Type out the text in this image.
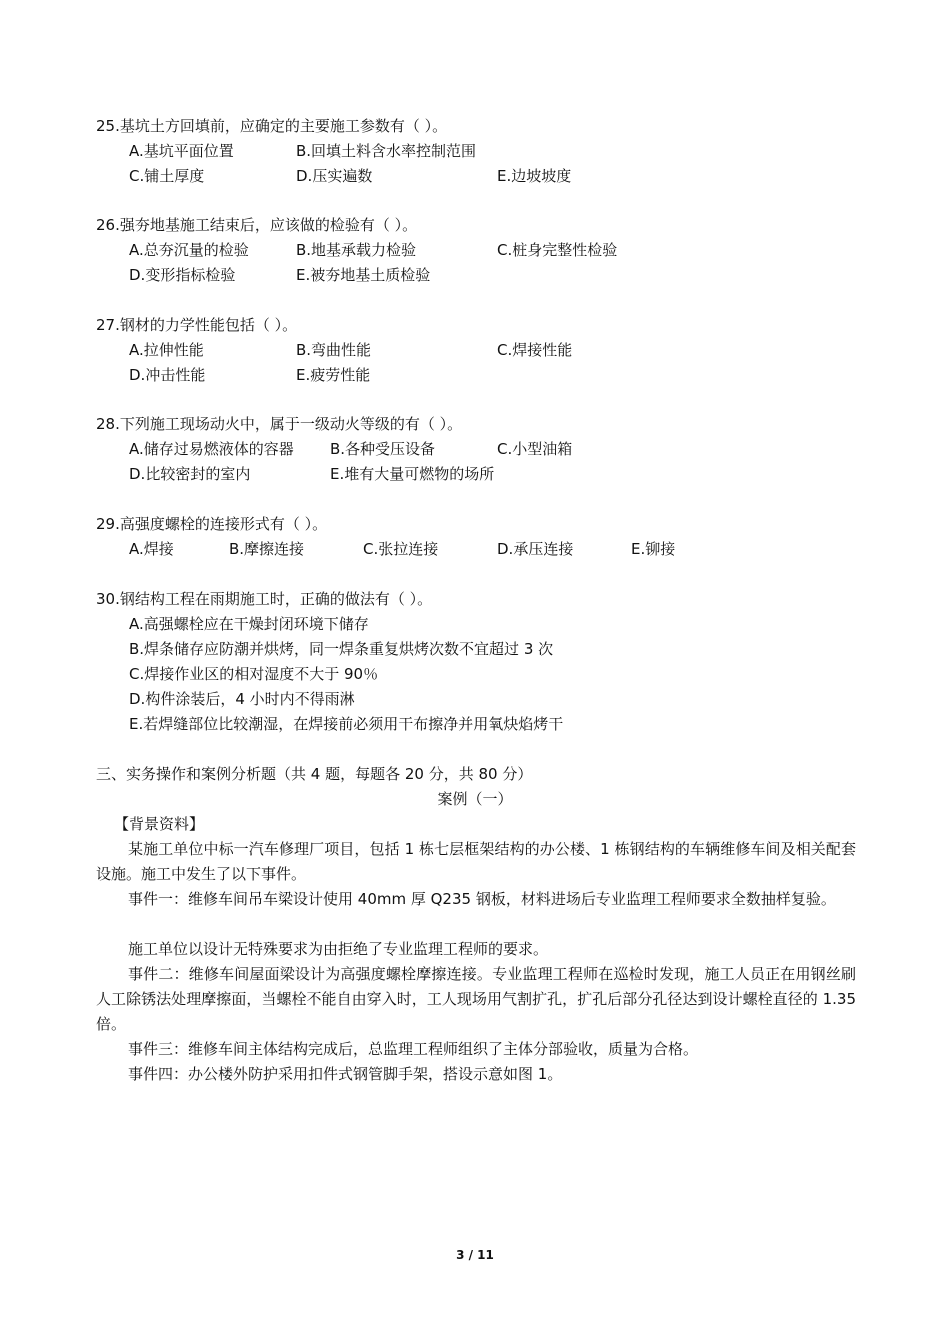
25.基坑土方回填前，应确定的主要施工参数有（ ）。
A.基坑平面位置	B.回填土料含水率控制范围
C.铺土厚度	D.压实遍数	E.边坡坡度
26.强夯地基施工结束后，应该做的检验有（ ）。
A.总夯沉量的检验	B.地基承载力检验	C.桩身完整性检验
D.变形指标检验	E.被夯地基土质检验
27.钢材的力学性能包括（ ）。
A.拉伸性能	B.弯曲性能	C.焊接性能
D.冲击性能	E.疲劳性能
28.下列施工现场动火中，属于一级动火等级的有（ ）。
A.储存过易燃液体的容器 B.各种受压设备	C.小型油箱
D.比较密封的室内	E.堆有大量可燃物的场所
29.高强度螺栓的连接形式有（ ）。
A.焊接	B.摩擦连接	C.张拉连接	D.承压连接	E.铆接
30.钢结构工程在雨期施工时，正确的做法有（ ）。
A.高强螺栓应在干燥封闭环境下储存
B.焊条储存应防潮并烘烤，同一焊条重复烘烤次数不宜超过 3 次
C.焊接作业区的相对湿度不大于 90％
D.构件涂装后，4 小时内不得雨淋
E.若焊缝部位比较潮湿，在焊接前必须用干布擦净并用氧炔焰烤干
三、实务操作和案例分析题（共 4 题，每题各 20 分，共 80 分）
案例（一）
【背景资料】
某施工单位中标一汽车修理厂项目，包括 1 栋七层框架结构的办公楼、1 栋钢结构的车辆维修车间及相关配套设施。施工中发生了以下事件。
事件一：维修车间吊车梁设计使用 40mm 厚 Q235 钢板，材料进场后专业监理工程师要求全数抽样复验。
施工单位以设计无特殊要求为由拒绝了专业监理工程师的要求。
事件二：维修车间屋面梁设计为高强度螺栓摩擦连接。专业监理工程师在巡检时发现，施工人员正在用钢丝刷人工除锈法处理摩擦面，当螺栓不能自由穿入时，工人现场用气割扩孔，扩孔后部分孔径达到设计螺栓直径的 1.35 倍。
事件三：维修车间主体结构完成后，总监理工程师组织了主体分部验收，质量为合格。
事件四：办公楼外防护采用扣件式钢管脚手架，搭设示意如图 1。
3 / 11
